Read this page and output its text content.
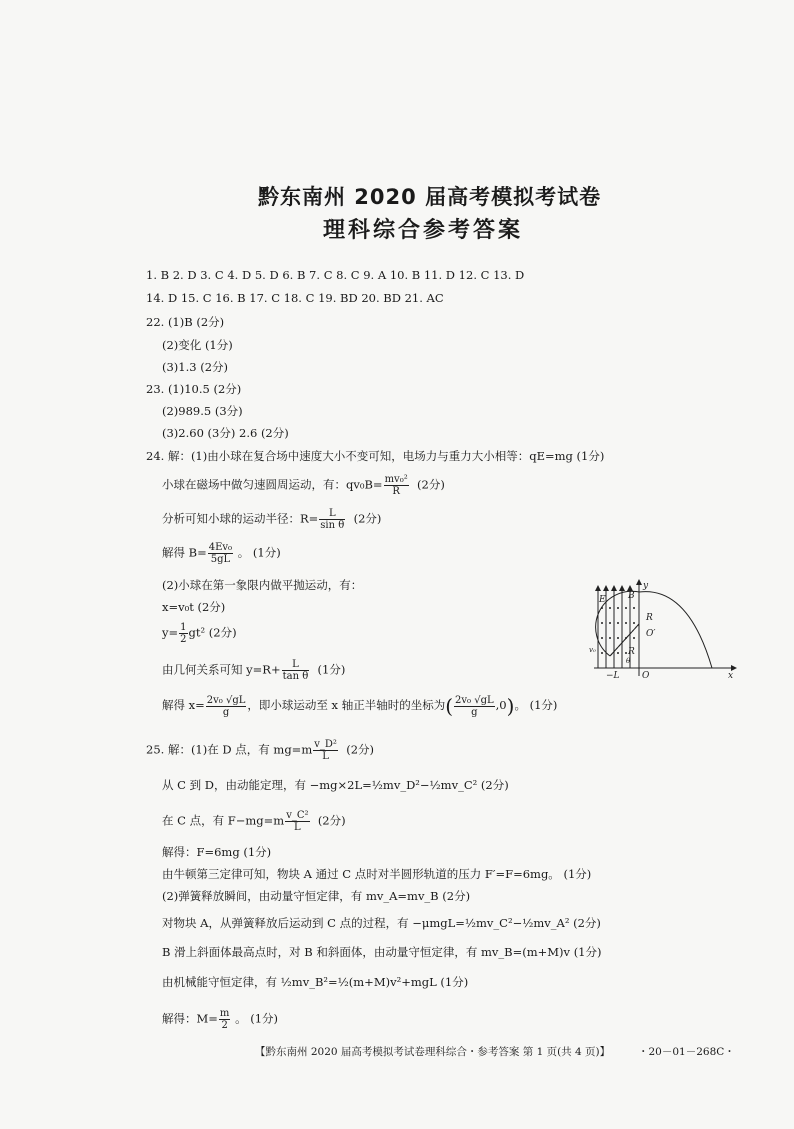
黔东南州 2020 届高考模拟考试卷
理科综合参考答案
1. B 2. D 3. C 4. D 5. D 6. B 7. C 8. C 9. A 10. B 11. D 12. C 13. D
14. D 15. C 16. B 17. C 18. C 19. BD 20. BD 21. AC
22. (1)B (2分)
(2)变化 (1分)
(3)1.3 (2分)
23. (1)10.5 (2分)
(2)989.5 (3分)
(3)2.60 (3分) 2.6 (2分)
24. 解：(1)由小球在复合场中速度大小不变可知，电场力与重力大小相等：qE=mg (1分)
小球在磁场中做匀速圆周运动，有：$qv_0B= \frac{\text{mv₀²}}{R} (2$分)
分析可知小球的运动半径：$R= \frac{L}{\text{sin θ}} (2$分)
解得 $B= \frac{\text{4Ev₀}}{5gL}$ 。 (1分)
(2)小球在第一象限内做平抛运动，有：
x=v₀t (2分)
$y= \frac{1}{2} gt^2$ (2分)
由几何关系可知 $y=R+ \frac{L}{\text{tan θ}} (1$分)
解得 $x= \frac{\text{2v₀ √gL}}{g}$ ，即小球运动至 x 轴正半轴时的坐标为( $\frac{\text{2v₀ √gL}}{g} ,0$)。 (1分)
E B
y
R
O′
R
θ
v₀
−L O	x
25. 解：(1)在 D 点，有 $mg=m \frac{\text{v\_D²}}{L} (2$分)
从 C 到 D，由动能定理，有 −mg×2L=½mv_D²−½mv_C² (2分)
在 C 点，有 $F-mg=m \frac{\text{v\_C²}}{L} (2$分)
解得：F=6mg (1分)
由牛顿第三定律可知，物块 A 通过 C 点时对半圆形轨道的压力 F′=F=6mg。 (1分)
(2)弹簧释放瞬间，由动量守恒定律，有 mv_A=mv_B (2分)
对物块 A，从弹簧释放后运动到 C 点的过程，有 −μmgL=½mv_C²−½mv_A² (2分)
B 滑上斜面体最高点时，对 B 和斜面体，由动量守恒定律，有 mv_B=(m+M)v (1分)
由机械能守恒定律，有 ½mv_B²=½(m+M)v²+mgL (1分)
解得：$M= \frac{m}{2}$ 。 (1分)
【黔东南州 2020 届高考模拟考试卷理科综合・参考答案 第 1 页(共 4 页)】	・20－01－268C・
